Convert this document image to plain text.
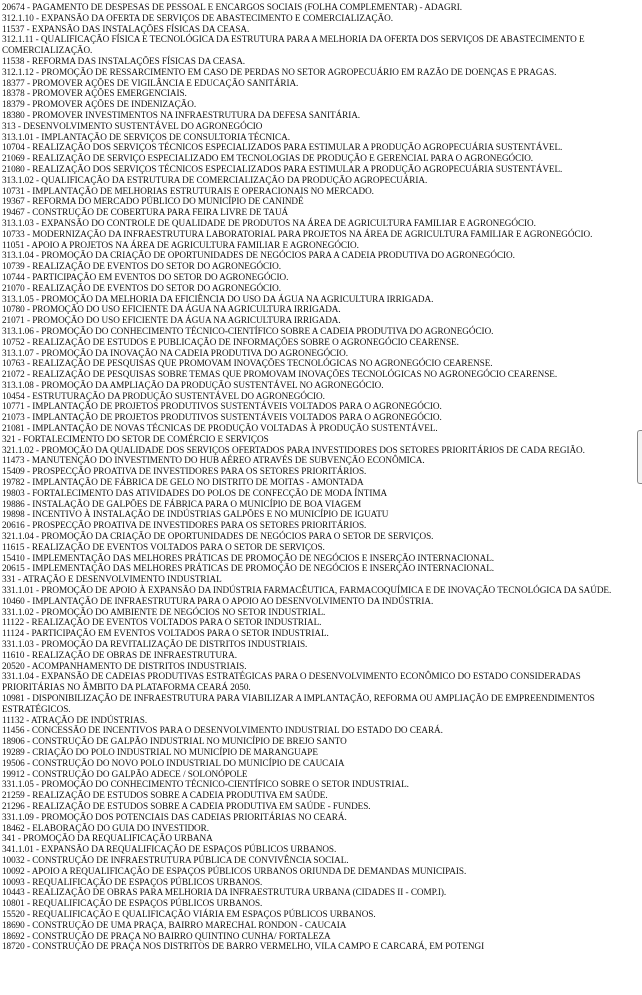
20674 - PAGAMENTO DE DESPESAS DE PESSOAL E ENCARGOS SOCIAIS (FOLHA COMPLEMENTAR) - ADAGRI.
312.1.10 - EXPANSÃO DA OFERTA DE SERVIÇOS DE ABASTECIMENTO E COMERCIALIZAÇÃO.
11537 - EXPANSÃO DAS INSTALAÇÕES FÍSICAS DA CEASA.
312.1.11 - QUALIFICAÇÃO FÍSICA E TECNOLÓGICA DA ESTRUTURA PARA A MELHORIA DA OFERTA DOS SERVIÇOS DE ABASTECIMENTO E COMERCIALIZAÇÃO.
11538 - REFORMA DAS INSTALAÇÕES FÍSICAS DA CEASA.
312.1.12 - PROMOÇÃO DE RESSARCIMENTO EM CASO DE PERDAS NO SETOR AGROPECUÁRIO EM RAZÃO DE DOENÇAS E PRAGAS.
18377 - PROMOVER AÇÕES DE VIGILÂNCIA E EDUCAÇÃO SANITÁRIA.
18378 - PROMOVER AÇÕES EMERGENCIAIS.
18379 - PROMOVER AÇÕES DE INDENIZAÇÃO.
18380 - PROMOVER INVESTIMENTOS NA INFRAESTRUTURA DA DEFESA SANITÁRIA.
313 - DESENVOLVIMENTO SUSTENTÁVEL DO AGRONEGÓCIO
313.1.01 - IMPLANTAÇÃO DE SERVIÇOS DE CONSULTORIA TÉCNICA.
10704 - REALIZAÇÃO DOS SERVIÇOS TÉCNICOS ESPECIALIZADOS PARA ESTIMULAR A PRODUÇÃO AGROPECUÁRIA SUSTENTÁVEL.
21069 - REALIZAÇÃO DE SERVIÇO ESPECIALIZADO EM TECNOLOGIAS DE PRODUÇÃO E GERENCIAL PARA O AGRONEGÓCIO.
21080 - REALIZAÇÃO DOS SERVIÇOS TÉCNICOS ESPECIALIZADOS PARA ESTIMULAR A PRODUÇÃO AGROPECUÁRIA SUSTENTÁVEL.
313.1.02 - QUALIFICAÇÃO DA ESTRUTURA DE COMERCIALIZAÇÃO DA PRODUÇÃO AGROPECUÁRIA.
10731 - IMPLANTAÇÃO DE MELHORIAS ESTRUTURAIS E OPERACIONAIS NO MERCADO.
19367 - REFORMA DO MERCADO PÚBLICO DO MUNICÍPIO DE CANINDÉ
19467 - CONSTRUÇÃO DE COBERTURA PARA FEIRA LIVRE DE TAUÁ
313.1.03 - EXPANSÃO DO CONTROLE DE QUALIDADE DE PRODUTOS NA ÁREA DE AGRICULTURA FAMILIAR E AGRONEGÓCIO.
10733 - MODERNIZAÇÃO DA INFRAESTRUTURA LABORATORIAL PARA PROJETOS NA ÁREA DE AGRICULTURA FAMILIAR E AGRONEGÓCIO.
11051 - APOIO A PROJETOS NA ÁREA DE AGRICULTURA FAMILIAR E AGRONEGÓCIO.
313.1.04 - PROMOÇÃO DA CRIAÇÃO DE OPORTUNIDADES DE NEGÓCIOS PARA A CADEIA PRODUTIVA DO AGRONEGÓCIO.
10739 - REALIZAÇÃO DE EVENTOS DO SETOR DO AGRONEGÓCIO.
10744 - PARTICIPAÇÃO EM EVENTOS DO SETOR DO AGRONEGÓCIO.
21070 - REALIZAÇÃO DE EVENTOS DO SETOR DO AGRONEGÓCIO.
313.1.05 - PROMOÇÃO DA MELHORIA DA EFICIÊNCIA DO USO DA ÁGUA NA AGRICULTURA IRRIGADA.
10780 - PROMOÇÃO DO USO EFICIENTE DA ÁGUA NA AGRICULTURA IRRIGADA.
21071 - PROMOÇÃO DO USO EFICIENTE DA ÁGUA NA AGRICULTURA IRRIGADA.
313.1.06 - PROMOÇÃO DO CONHECIMENTO TÉCNICO-CIENTÍFICO SOBRE A CADEIA PRODUTIVA DO AGRONEGÓCIO.
10752 - REALIZAÇÃO DE ESTUDOS E PUBLICAÇÃO DE INFORMAÇÕES SOBRE O AGRONEGÓCIO CEARENSE.
313.1.07 - PROMOÇÃO DA INOVAÇÃO NA CADEIA PRODUTIVA DO AGRONEGÓCIO.
10763 - REALIZAÇÃO DE PESQUISAS QUE PROMOVAM INOVAÇÕES TECNOLÓGICAS NO AGRONEGÓCIO CEARENSE.
21072 - REALIZAÇÃO DE PESQUISAS SOBRE TEMAS QUE PROMOVAM INOVAÇÕES TECNOLÓGICAS NO AGRONEGÓCIO CEARENSE.
313.1.08 - PROMOÇÃO DA AMPLIAÇÃO DA PRODUÇÃO SUSTENTÁVEL NO AGRONEGÓCIO.
10454 - ESTRUTURAÇÃO DA PRODUÇÃO SUSTENTÁVEL DO AGRONEGÓCIO.
10771 - IMPLANTAÇÃO DE PROJETOS PRODUTIVOS SUSTENTÁVEIS VOLTADOS PARA O AGRONEGÓCIO.
21073 - IMPLANTAÇÃO DE PROJETOS PRODUTIVOS SUSTENTÁVEIS VOLTADOS PARA O AGRONEGÓCIO.
21081 - IMPLANTAÇÃO DE NOVAS TÉCNICAS DE PRODUÇÃO VOLTADAS À PRODUÇÃO SUSTENTÁVEL.
321 - FORTALECIMENTO DO SETOR DE COMÉRCIO E SERVIÇOS
321.1.02 - PROMOÇÃO DA QUALIDADE DOS SERVIÇOS OFERTADOS PARA INVESTIDORES DOS SETORES PRIORITÁRIOS DE CADA REGIÃO.
11473 - MANUTENÇÃO DO INVESTIMENTO DO HUB AÉREO ATRAVÉS DE SUBVENÇÃO ECONÔMICA.
15409 - PROSPECÇÃO PROATIVA DE INVESTIDORES PARA OS SETORES PRIORITÁRIOS.
19782 - IMPLANTAÇÃO DE FÁBRICA DE GELO NO DISTRITO DE MOITAS - AMONTADA
19803 - FORTALECIMENTO DAS ATIVIDADES DO POLOS DE CONFECÇÃO DE MODA ÍNTIMA
19886 - INSTALAÇÃO DE GALPÕES DE FÁBRICA PARA O MUNICÍPIO DE BOA VIAGEM
19898 - INCENTIVO À INSTALAÇÃO DE INDÚSTRIAS GALPÕES E NO MUNICÍPIO DE IGUATU
20616 - PROSPECÇÃO PROATIVA DE INVESTIDORES PARA OS SETORES PRIORITÁRIOS.
321.1.04 - PROMOÇÃO DA CRIAÇÃO DE OPORTUNIDADES DE NEGÓCIOS PARA O SETOR DE SERVIÇOS.
11615 - REALIZAÇÃO DE EVENTOS VOLTADOS PARA O SETOR DE SERVIÇOS.
15410 - IMPLEMENTAÇÃO DAS MELHORES PRÁTICAS DE PROMOÇÃO DE NEGÓCIOS E INSERÇÃO INTERNACIONAL.
20615 - IMPLEMENTAÇÃO DAS MELHORES PRÁTICAS DE PROMOÇÃO DE NEGÓCIOS E INSERÇÃO INTERNACIONAL.
331 - ATRAÇÃO E DESENVOLVIMENTO INDUSTRIAL
331.1.01 - PROMOÇÃO DE APOIO À EXPANSÃO DA INDÚSTRIA FARMACÊUTICA, FARMACOQUÍMICA E DE INOVAÇÃO TECNOLÓGICA DA SAÚDE.
10460 - IMPLANTAÇÃO DE INFRAESTRUTURA PARA O APOIO AO DESENVOLVIMENTO DA INDÚSTRIA.
331.1.02 - PROMOÇÃO DO AMBIENTE DE NEGÓCIOS NO SETOR INDUSTRIAL.
11122 - REALIZAÇÃO DE EVENTOS VOLTADOS PARA O SETOR INDUSTRIAL.
11124 - PARTICIPAÇÃO EM EVENTOS VOLTADOS PARA O SETOR INDUSTRIAL.
331.1.03 - PROMOÇÃO DA REVITALIZAÇÃO DE DISTRITOS INDUSTRIAIS.
11610 - REALIZAÇÃO DE OBRAS DE INFRAESTRUTURA.
20520 - ACOMPANHAMENTO DE DISTRITOS INDUSTRIAIS.
331.1.04 - EXPANSÃO DE CADEIAS PRODUTIVAS ESTRATÉGICAS PARA O DESENVOLVIMENTO ECONÔMICO DO ESTADO CONSIDERADAS PRIORITÁRIAS NO ÂMBITO DA PLATAFORMA CEARÁ 2050.
10981 - DISPONIBILIZAÇÃO DE INFRAESTRUTURA PARA VIABILIZAR A IMPLANTAÇÃO, REFORMA OU AMPLIAÇÃO DE EMPREENDIMENTOS ESTRATÉGICOS.
11132 - ATRAÇÃO DE INDÚSTRIAS.
11456 - CONCESSÃO DE INCENTIVOS PARA O DESENVOLVIMENTO INDUSTRIAL DO ESTADO DO CEARÁ.
18906 - CONSTRUÇÃO DE GALPÃO INDUSTRIAL NO MUNICÍPIO DE BREJO SANTO
19289 - CRIAÇÃO DO POLO INDUSTRIAL NO MUNICÍPIO DE MARANGUAPE
19506 - CONSTRUÇÃO DO NOVO POLO INDUSTRIAL DO MUNICÍPIO DE CAUCAIA
19912 - CONSTRUÇÃO DO GALPÃO ADECE / SOLONÓPOLE
331.1.05 - PROMOÇÃO DO CONHECIMENTO TÉCNICO-CIENTÍFICO SOBRE O SETOR INDUSTRIAL.
21259 - REALIZAÇÃO DE ESTUDOS SOBRE A CADEIA PRODUTIVA EM SAÚDE.
21296 - REALIZAÇÃO DE ESTUDOS SOBRE A CADEIA PRODUTIVA EM SAÚDE - FUNDES.
331.1.09 - PROMOÇÃO DOS POTENCIAIS DAS CADEIAS PRIORITÁRIAS NO CEARÁ.
18462 - ELABORAÇÃO DO GUIA DO INVESTIDOR.
341 - PROMOÇÃO DA REQUALIFICAÇÃO URBANA
341.1.01 - EXPANSÃO DA REQUALIFICAÇÃO DE ESPAÇOS PÚBLICOS URBANOS.
10032 - CONSTRUÇÃO DE INFRAESTRUTURA PÚBLICA DE CONVIVÊNCIA SOCIAL.
10092 - APOIO A REQUALIFICAÇÃO DE ESPAÇOS PÚBLICOS URBANOS ORIUNDA DE DEMANDAS MUNICIPAIS.
10093 - REQUALIFICAÇÃO DE ESPAÇOS PÚBLICOS URBANOS.
10443 - REALIZAÇÃO DE OBRAS PARA MELHORIA DA INFRAESTRUTURA URBANA (CIDADES II - COMP.I).
10801 - REQUALIFICAÇÃO DE ESPAÇOS PÚBLICOS URBANOS.
15520 - REQUALIFICAÇÃO E QUALIFICAÇÃO VIÁRIA EM ESPAÇOS PÚBLICOS URBANOS.
18690 - CONSTRUÇÃO DE UMA PRAÇA, BAIRRO MARECHAL RONDON - CAUCAIA
18692 - CONSTRUÇÃO DE PRAÇA NO BAIRRO QUINTINO CUNHA/ FORTALEZA
18720 - CONSTRUÇÃO DE PRAÇA NOS DISTRITOS DE BARRO VERMELHO, VILA CAMPO E CARCARÁ, EM POTENGI
